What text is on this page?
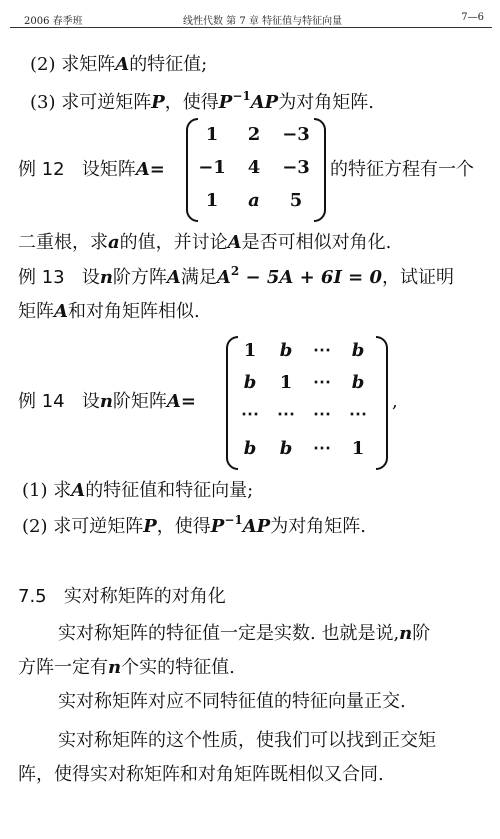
2006 春季班	线性代数 第 7 章 特征值与特征向量	7—6
(2) 求矩阵A的特征值;
(3) 求可逆矩阵P，使得$P^{-1}AP$为对角矩阵.
例 12 设矩阵A=
1	2	−3
−1	4	−3
1	a	5
的特征方程有一个
二重根，求a的值，并讨论A是否可相似对角化.
例 13 设n阶方阵A满足$A^2 - 5A + 6I = 0$，试证明
矩阵A和对角矩阵相似.
例 14 设n阶矩阵A=
1	b	⋯	b
b	1	⋯	b
⋯	⋯	⋯	⋯
b	b	⋯	1
,
(1) 求A的特征值和特征向量;
(2) 求可逆矩阵P，使得$P^{-1}AP$为对角矩阵.
7.5 实对称矩阵的对角化
实对称矩阵的特征值一定是实数. 也就是说,n阶
方阵一定有n个实的特征值.
实对称矩阵对应不同特征值的特征向量正交.
实对称矩阵的这个性质，使我们可以找到正交矩
阵，使得实对称矩阵和对角矩阵既相似又合同.
